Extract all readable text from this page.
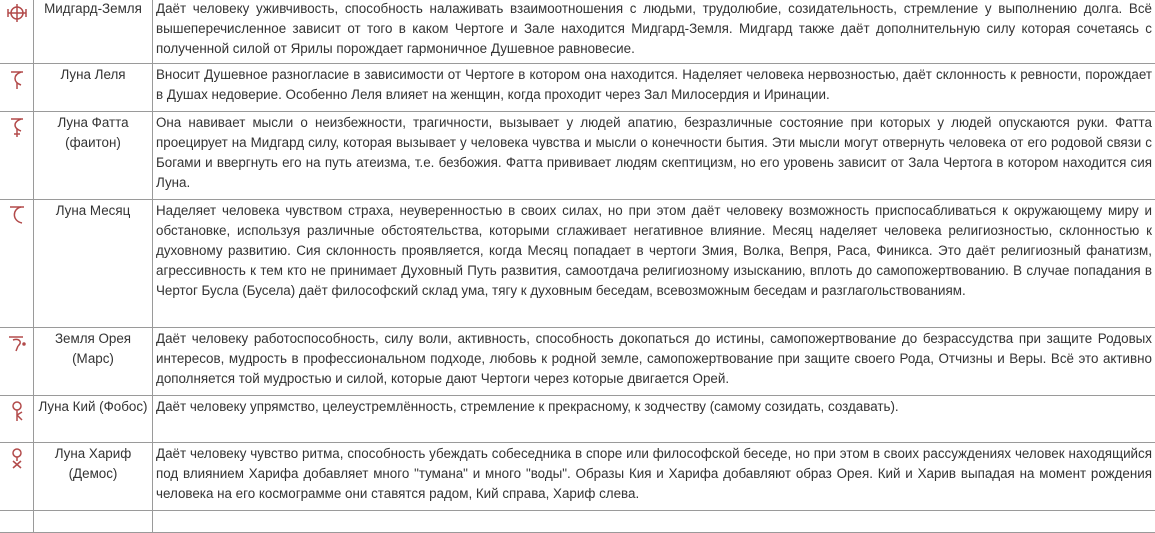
	Мидгард-Земля	Даёт человеку уживчивость, способность налаживать взаимоотношения с людьми, трудолюбие, созидательность, стремление у выполнению долга. Всё вышеперечисленное зависит от того в каком Чертоге и Зале находится Мидгард-Земля. Мидгард также даёт дополнительную силу которая сочетаясь с полученной силой от Ярилы порождает гармоничное Душевное равновесие.

	Луна Леля	Вносит Душевное разногласие в зависимости от Чертоге в котором она находится. Наделяет человека нервозностью, даёт склонность к ревности, порождает в Душах недоверие. Особенно Леля влияет на женщин, когда проходит через Зал Милосердия и Иринации.

	Луна Фатта (фаитон)	Она навивает мысли о неизбежности, трагичности, вызывает у людей апатию, безразличные состояние при которых у людей опускаются руки. Фатта проецирует на Мидгард силу, которая вызывает у человека чувства и мысли о конечности бытия. Эти мысли могут отвернуть человека от его родовой связи с Богами и ввергнуть его на путь атеизма, т.е. безбожия. Фатта прививает людям скептицизм, но его уровень зависит от Зала Чертога в котором находится сия Луна.

	Луна Месяц	Наделяет человека чувством страха, неуверенностью в своих силах, но при этом даёт человеку возможность приспосабливаться к окружающему миру и обстановке, используя различные обстоятельства, которыми сглаживает негативное влияние. Месяц наделяет человека религиозностью, склонностью к духовному развитию. Сия склонность проявляется, когда Месяц попадает в чертоги Змия, Волка, Вепря, Раса, Финикса. Это даёт религиозный фанатизм, агрессивность к тем кто не принимает Духовный Путь развития, самоотдача религиозному изысканию, вплоть до самопожертвованию. В случае попадания в Чертог Бусла (Бусела) даёт философский склад ума, тягу к духовным беседам, всевозможным беседам и разглагольствованиям.

	Земля Орея (Марс)	Даёт человеку работоспособность, силу воли, активность, способность докопаться до истины, самопожертвование до безрассудства при защите Родовых интересов, мудрость в профессиональном подходе, любовь к родной земле, самопожертвование при защите своего Рода, Отчизны и Веры. Всё это активно дополняется той мудростью и силой, которые дают Чертоги через которые двигается Орей.

	Луна Кий (Фобос)	Даёт человеку упрямство, целеустремлённость, стремление к прекрасному, к зодчеству (самому созидать, создавать).

	Луна Хариф (Демос)	Даёт человеку чувство ритма, способность убеждать собеседника в споре или философской беседе, но при этом в своих рассуждениях человек находящийся под влиянием Харифа добавляет много "тумана" и много "воды". Образы Кия и Харифа добавляют образ Орея. Кий и Харив выпадая на момент рождения человека на его космограмме они ставятся радом, Кий справа, Хариф слева.
